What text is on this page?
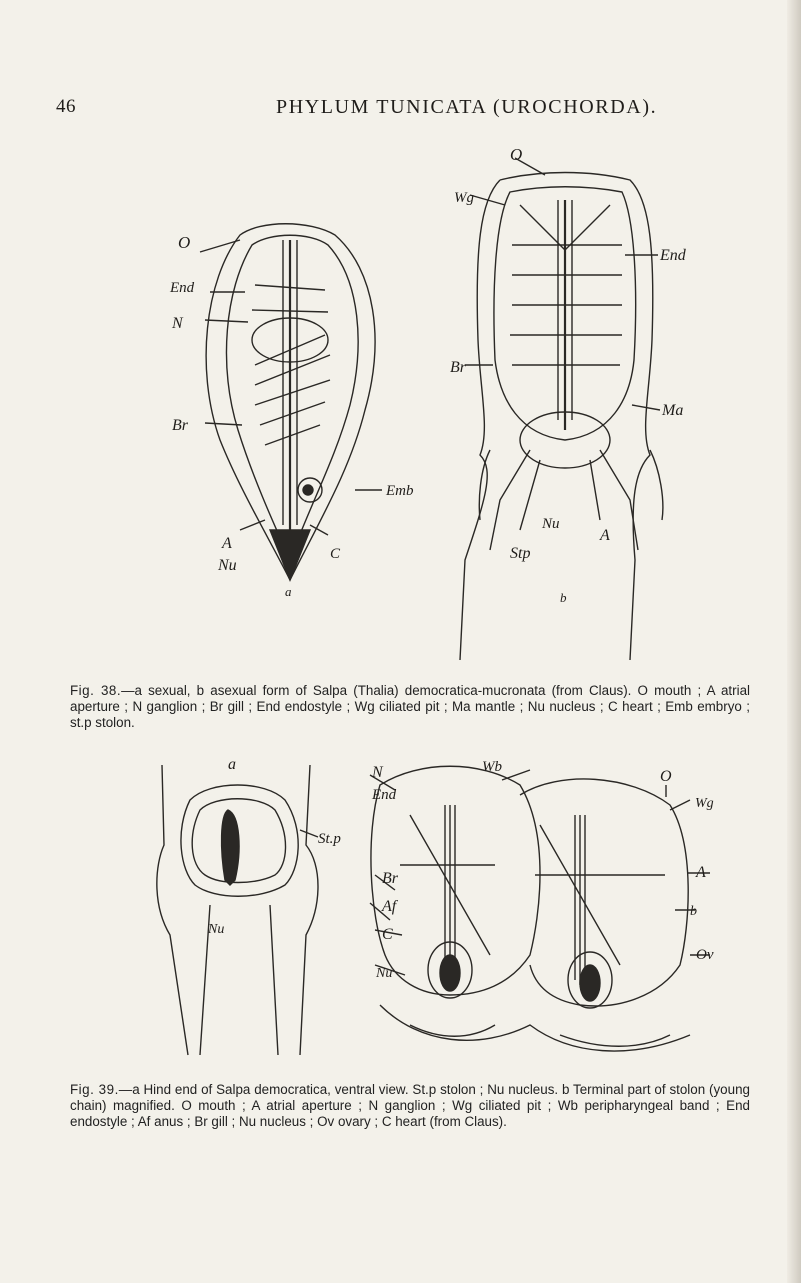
46	PHYLUM TUNICATA (UROCHORDA).
O
End
N
Br
Emb
A
C
Nu
a
O
Wg
End
Br
Ma
Nu
A
Stp
b
Fig. 38.—a sexual, b asexual form of Salpa (Thalia) democratica-mucronata (from Claus). O mouth ; A atrial aperture ; N ganglion ; Br gill ; End endostyle ; Wg ciliated pit ; Ma mantle ; Nu nucleus ; C heart ; Emb embryo ; st.p stolon.
a
St.p
Nu
N	Wb
O
End
Wg
Br	A
Af
C
Ov
Nu
b
Fig. 39.—a Hind end of Salpa democratica, ventral view. St.p stolon ; Nu nucleus. b Terminal part of stolon (young chain) magnified. O mouth ; A atrial aperture ; N ganglion ; Wg ciliated pit ; Wb peripharyngeal band ; End endostyle ; Af anus ; Br gill ; Nu nucleus ; Ov ovary ; C heart (from Claus).
